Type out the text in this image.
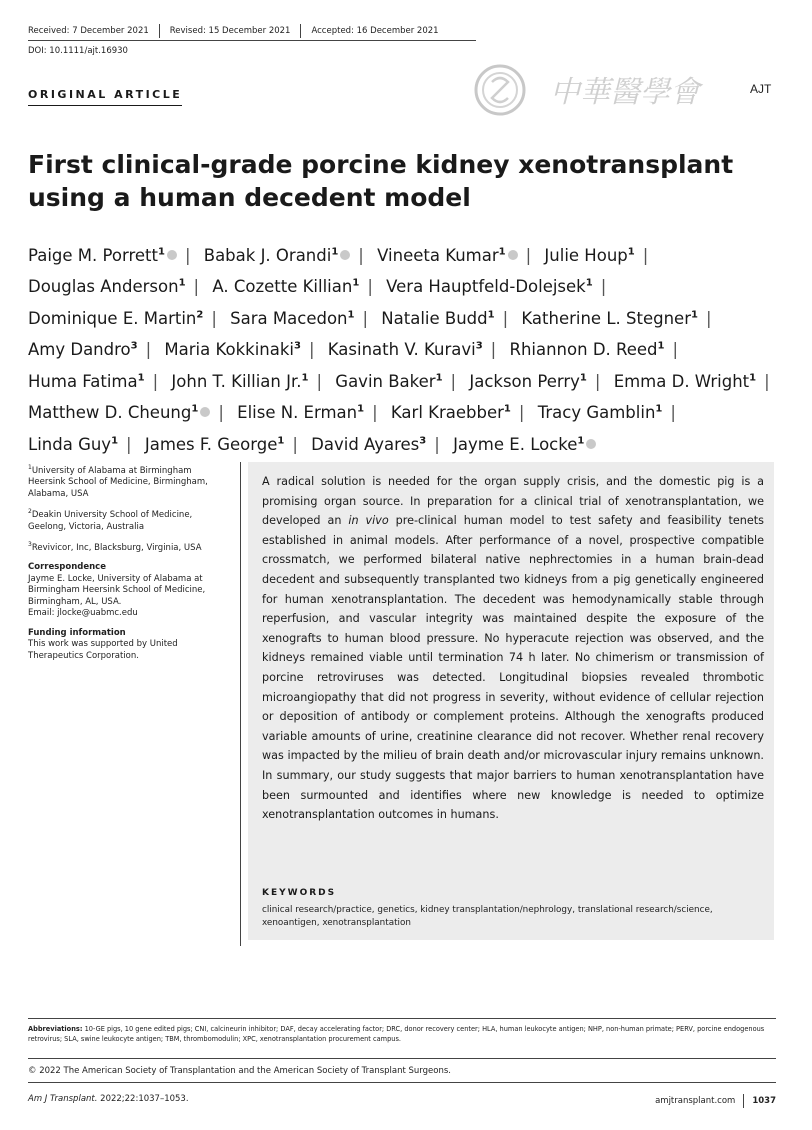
Received: 7 December 2021 Revised: 15 December 2021 Accepted: 16 December 2021
DOI: 10.1111/ajt.16930
ORIGINAL ARTICLE	中華醫學會	AJT
First clinical-grade porcine kidney xenotransplant using a human decedent model
Paige M. Porrett$^1$ | Babak J. Orandi$^1$ | Vineeta Kumar$^1$ | Julie Houp$^1$ | Douglas Anderson$^1$ | A. Cozette Killian$^1$ | Vera Hauptfeld-Dolejsek$^1$ | Dominique E. Martin$^2$ | Sara Macedon$^1$ | Natalie Budd$^1$ | Katherine L. Stegner$^1$ | Amy Dandro$^3$ | Maria Kokkinaki$^3$ | Kasinath V. Kuravi$^3$ | Rhiannon D. Reed$^1$ | Huma Fatima$^1$ | John T. Killian Jr.$^1$ | Gavin Baker$^1$ | Jackson Perry$^1$ | Emma D. Wright$^1$ | Matthew D. Cheung$^1$ | Elise N. Erman$^1$ | Karl Kraebber$^1$ | Tracy Gamblin$^1$ | Linda Guy$^1$ | James F. George$^1$ | David Ayares$^3$ | Jayme E. Locke$^1$

$^1$University of Alabama at Birmingham Heersink School of Medicine, Birmingham, Alabama, USA

$^2$Deakin University School of Medicine, Geelong, Victoria, Australia

$^3$Revivicor, Inc, Blacksburg, Virginia, USA

Correspondence

Jayme E. Locke, University of Alabama at Birmingham Heersink School of Medicine, Birmingham, AL, USA.

Email: jlocke@uabmc.edu

Funding information

This work was supported by United Therapeutics Corporation.

A radical solution is needed for the organ supply crisis, and the domestic pig is a promising organ source. In preparation for a clinical trial of xenotransplantation, we developed an in vivo pre-clinical human model to test safety and feasibility tenets established in animal models. After performance of a novel, prospective compatible crossmatch, we performed bilateral native nephrectomies in a human brain-dead decedent and subsequently transplanted two kidneys from a pig genetically engineered for human xenotransplantation. The decedent was hemodynamically stable through reperfusion, and vascular integrity was maintained despite the exposure of the xenografts to human blood pressure. No hyperacute rejection was observed, and the kidneys remained viable until termination 74 h later. No chimerism or transmission of porcine retroviruses was detected. Longitudinal biopsies revealed thrombotic microangiopathy that did not progress in severity, without evidence of cellular rejection or deposition of antibody or complement proteins. Although the xenografts produced variable amounts of urine, creatinine clearance did not recover. Whether renal recovery was impacted by the milieu of brain death and/or microvascular injury remains unknown. In summary, our study suggests that major barriers to human xenotransplantation have been surmounted and identifies where new knowledge is needed to optimize xenotransplantation outcomes in humans.

KEYWORDS
clinical research/practice, genetics, kidney transplantation/nephrology, translational research/science, xenoantigen, xenotransplantation
Abbreviations: 10-GE pigs, 10 gene edited pigs; CNI, calcineurin inhibitor; DAF, decay accelerating factor; DRC, donor recovery center; HLA, human leukocyte antigen; NHP, non-human primate; PERV, porcine endogenous retrovirus; SLA, swine leukocyte antigen; TBM, thrombomodulin; XPC, xenotransplantation procurement campus.
© 2022 The American Society of Transplantation and the American Society of Transplant Surgeons.
Am J Transplant. 2022;22:1037–1053.	amjtransplant.com 1037
